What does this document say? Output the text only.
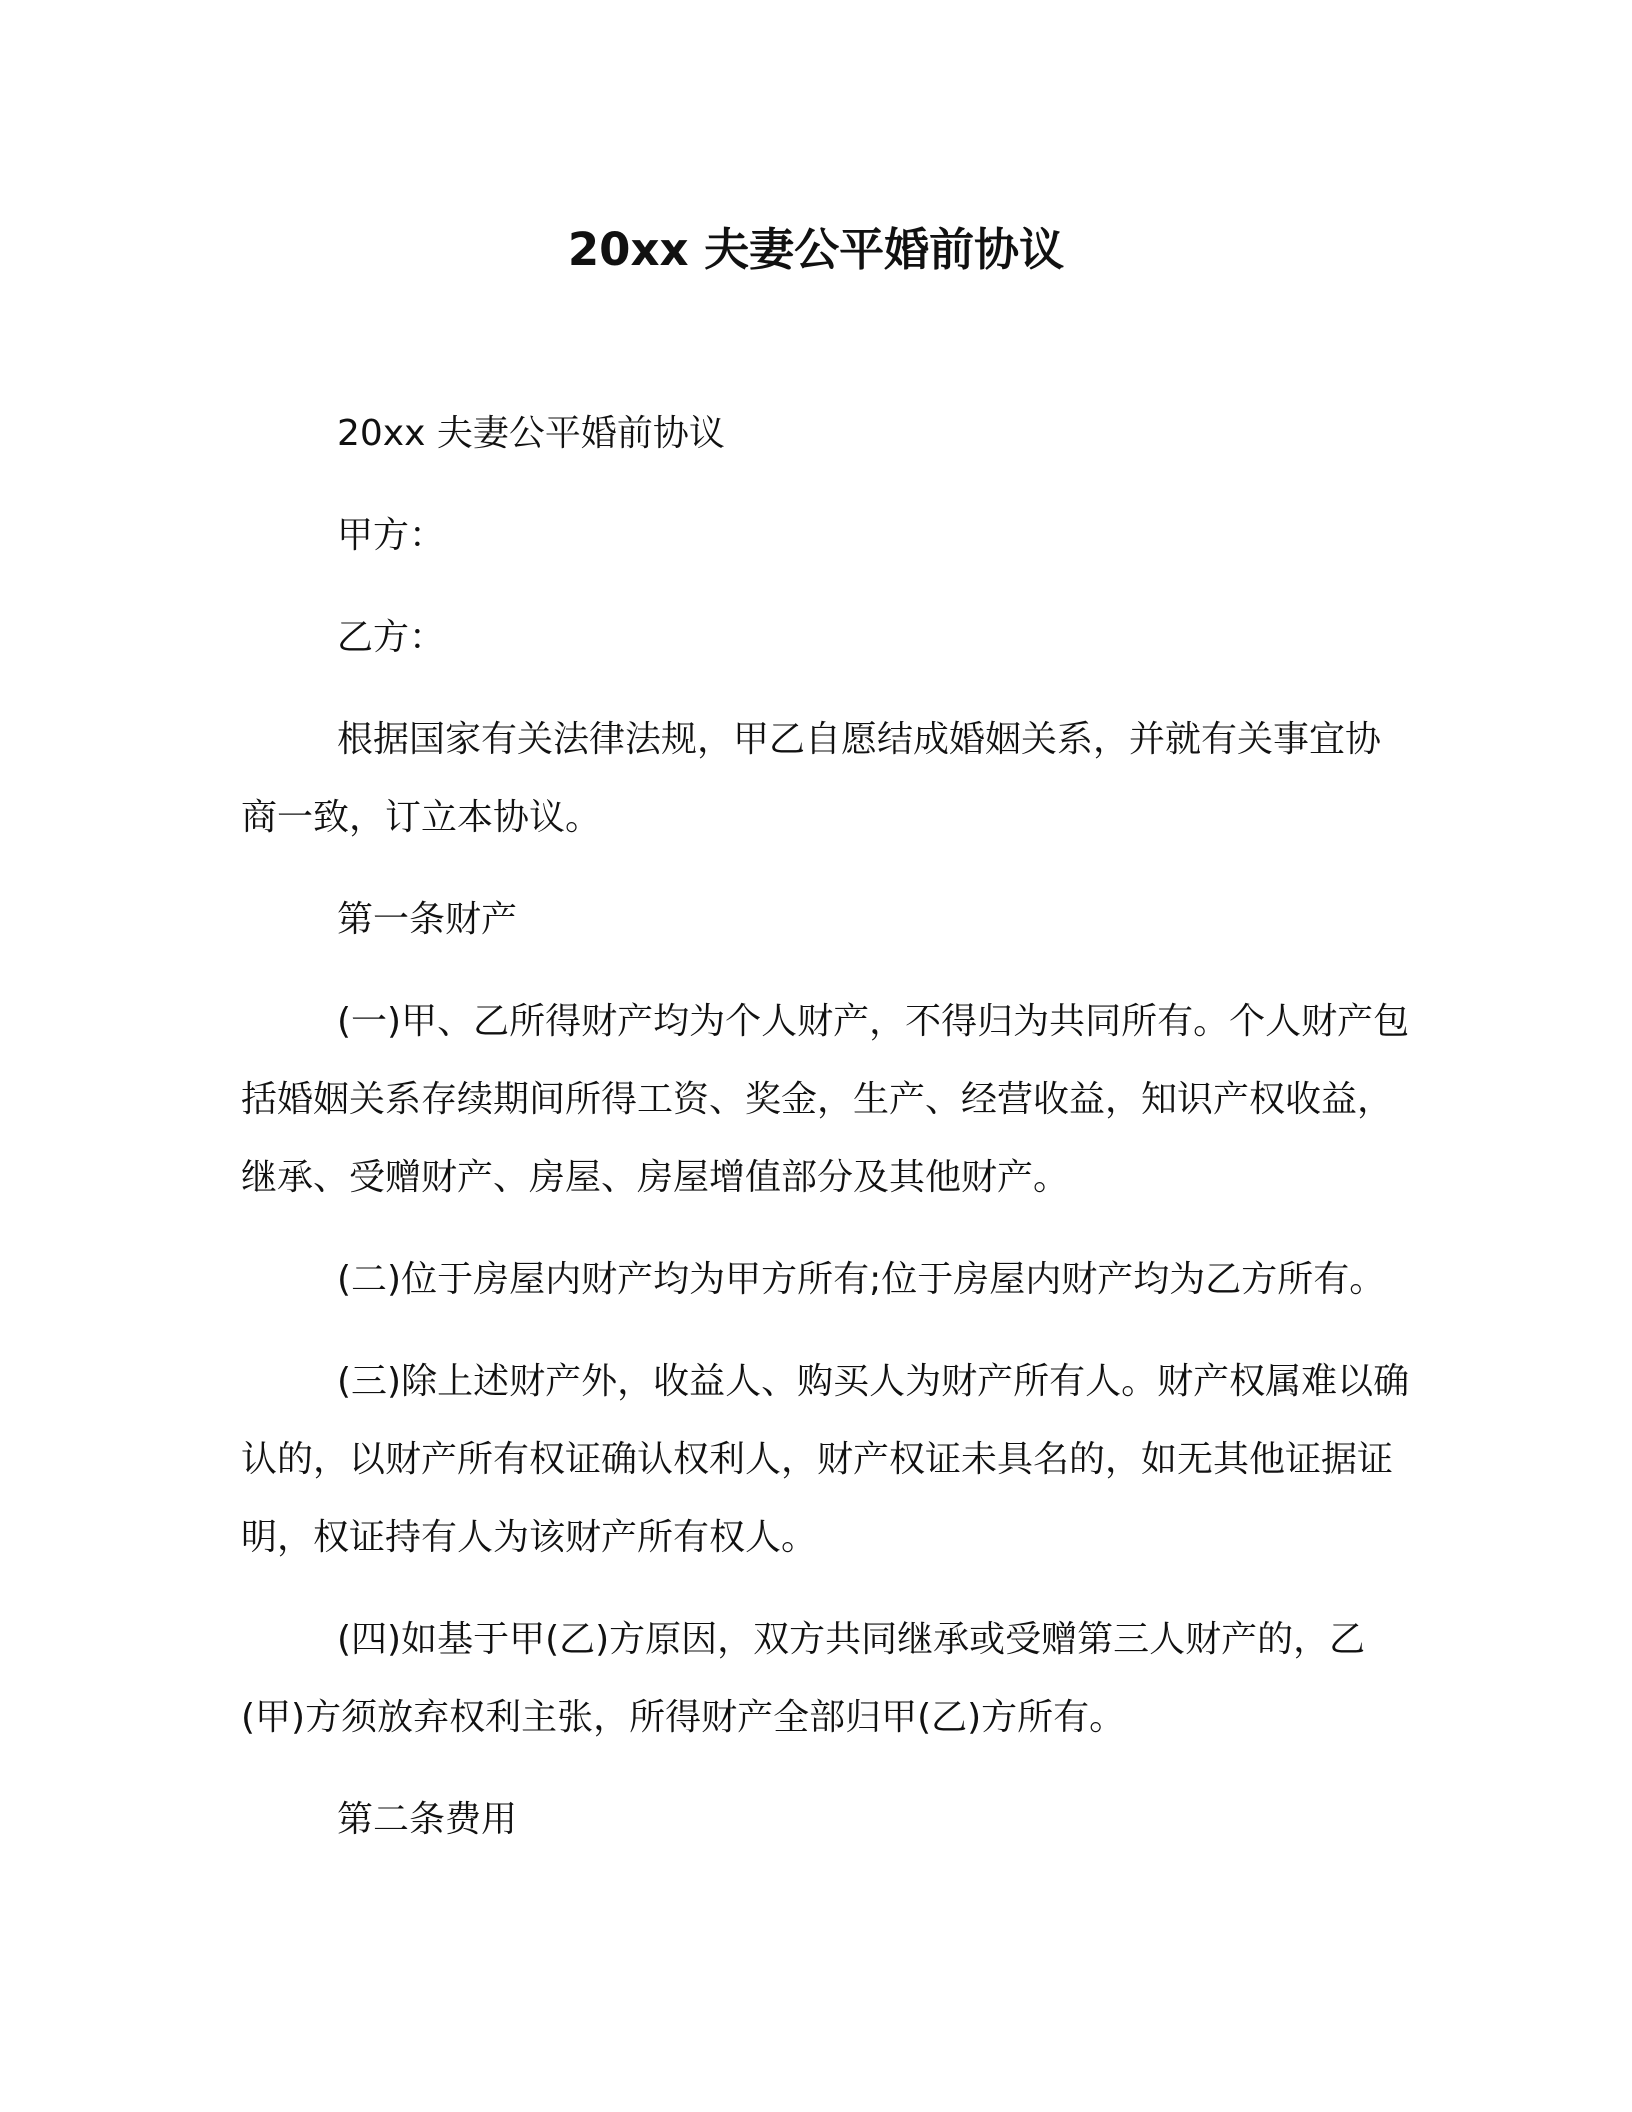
20xx 夫妻公平婚前协议

20xx 夫妻公平婚前协议

甲方：

乙方：

根据国家有关法律法规，甲乙自愿结成婚姻关系，并就有关事宜协商一致，订立本协议。

第一条财产

(一)甲、乙所得财产均为个人财产，不得归为共同所有。个人财产包括婚姻关系存续期间所得工资、奖金，生产、经营收益，知识产权收益，继承、受赠财产、房屋、房屋增值部分及其他财产。

(二)位于房屋内财产均为甲方所有;位于房屋内财产均为乙方所有。

(三)除上述财产外，收益人、购买人为财产所有人。财产权属难以确认的，以财产所有权证确认权利人，财产权证未具名的，如无其他证据证明，权证持有人为该财产所有权人。

(四)如基于甲(乙)方原因，双方共同继承或受赠第三人财产的，乙(甲)方须放弃权利主张，所得财产全部归甲(乙)方所有。

第二条费用
